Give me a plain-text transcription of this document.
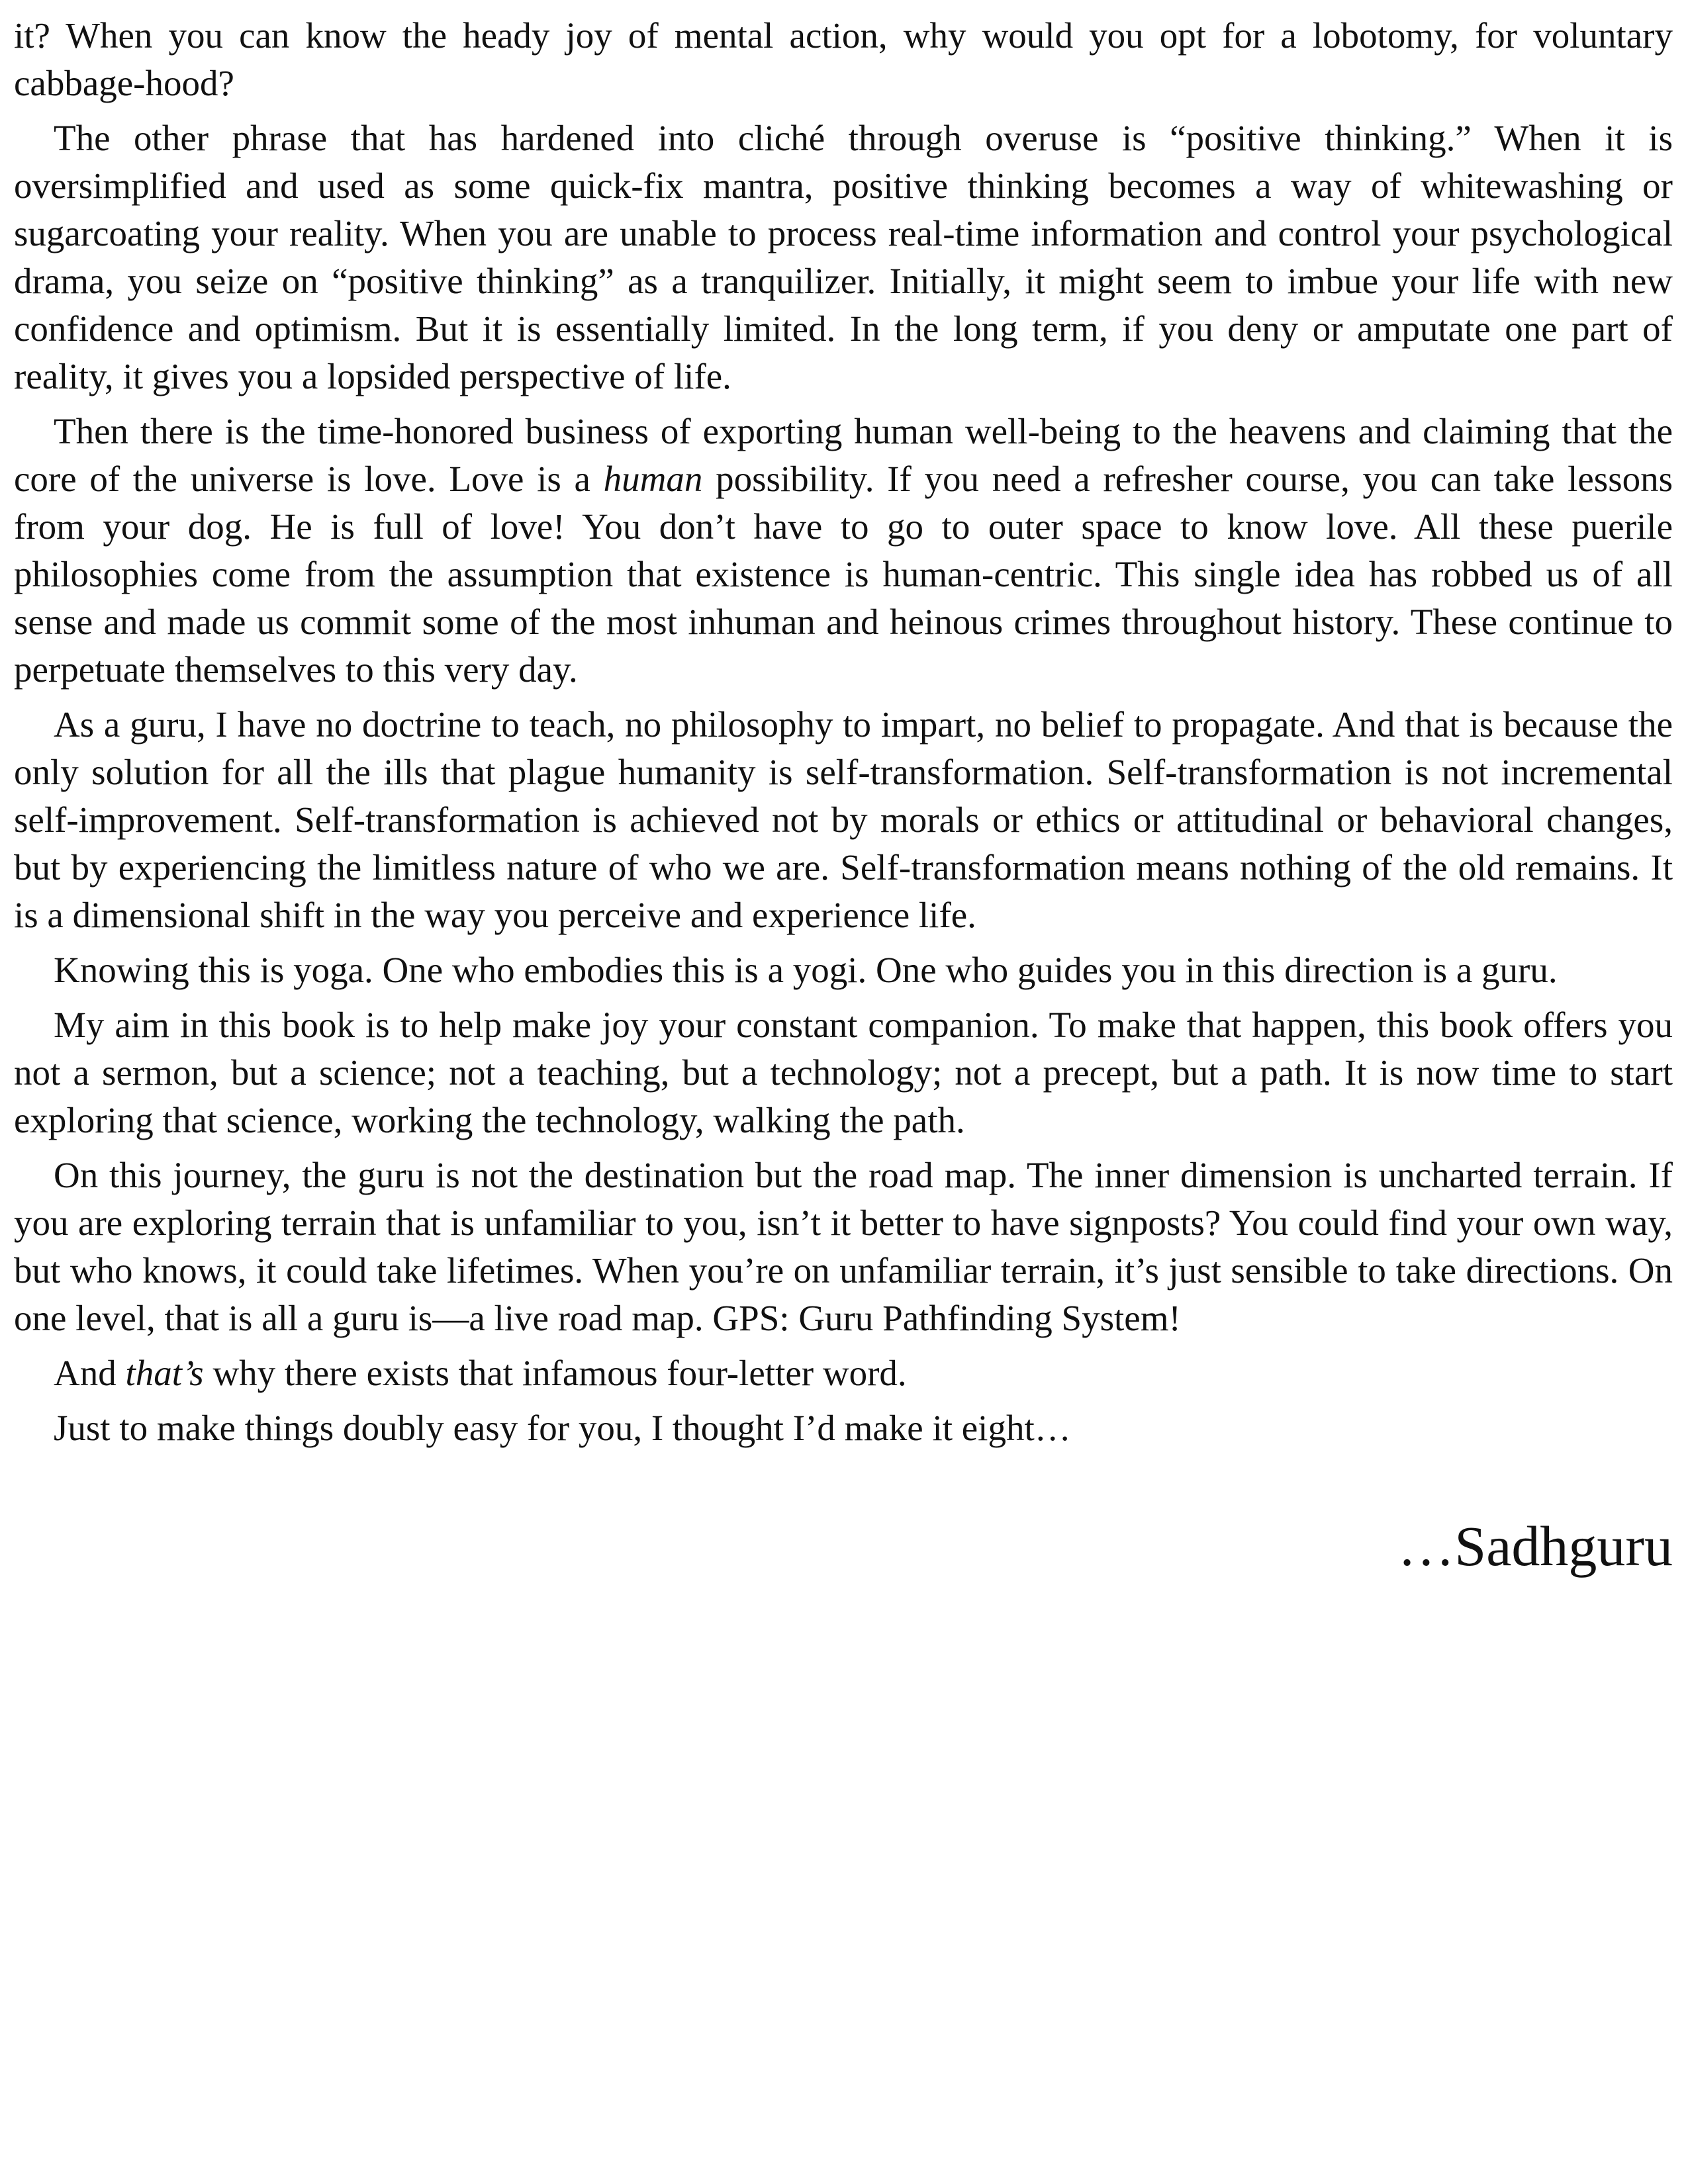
it? When you can know the heady joy of mental action, why would you opt for a lobotomy, for voluntary cabbage-hood?

The other phrase that has hardened into cliché through overuse is “positive thinking.” When it is oversimplified and used as some quick-fix mantra, positive thinking becomes a way of whitewashing or sugarcoating your reality. When you are unable to process real-time information and control your psychological drama, you seize on “positive thinking” as a tranquilizer. Initially, it might seem to imbue your life with new confidence and optimism. But it is essentially limited. In the long term, if you deny or amputate one part of reality, it gives you a lopsided perspective of life.

Then there is the time-honored business of exporting human well-being to the heavens and claiming that the core of the universe is love. Love is a human possibility. If you need a refresher course, you can take lessons from your dog. He is full of love! You don’t have to go to outer space to know love. All these puerile philosophies come from the assumption that existence is human-centric. This single idea has robbed us of all sense and made us commit some of the most inhuman and heinous crimes throughout history. These continue to perpetuate themselves to this very day.

As a guru, I have no doctrine to teach, no philosophy to impart, no belief to propagate. And that is because the only solution for all the ills that plague humanity is self-transformation. Self-transformation is not incremental self-improvement. Self-transformation is achieved not by morals or ethics or attitudinal or behavioral changes, but by experiencing the limitless nature of who we are. Self-transformation means nothing of the old remains. It is a dimensional shift in the way you perceive and experience life.

Knowing this is yoga. One who embodies this is a yogi. One who guides you in this direction is a guru.

My aim in this book is to help make joy your constant companion. To make that happen, this book offers you not a sermon, but a science; not a teaching, but a technology; not a precept, but a path. It is now time to start exploring that science, working the technology, walking the path.

On this journey, the guru is not the destination but the road map. The inner dimension is uncharted terrain. If you are exploring terrain that is unfamiliar to you, isn’t it better to have signposts? You could find your own way, but who knows, it could take lifetimes. When you’re on unfamiliar terrain, it’s just sensible to take directions. On one level, that is all a guru is—a live road map. GPS: Guru Pathfinding System!

And that’s why there exists that infamous four-letter word.

Just to make things doubly easy for you, I thought I’d make it eight…

…Sadhguru
